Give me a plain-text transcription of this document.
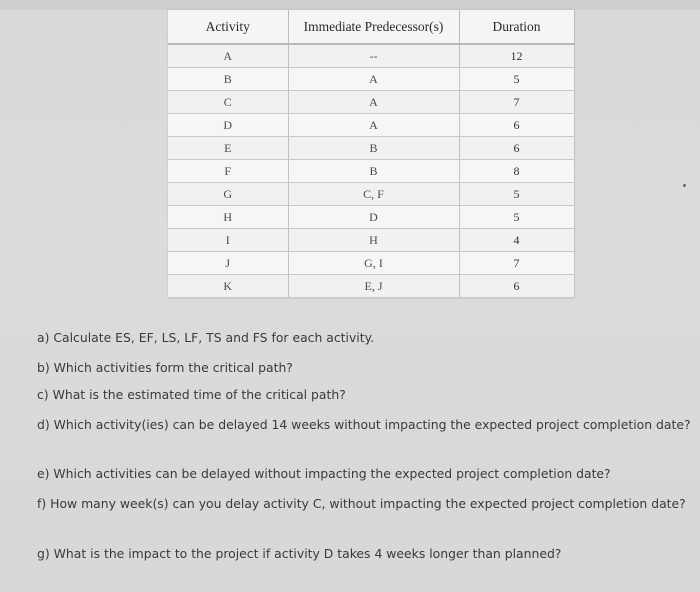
Activity	Immediate Predecessor(s)	Duration
A	--	12
B	A	5
C	A	7
D	A	6
E	B	6
F	B	8
G	C, F	5
H	D	5
I	H	4
J	G, I	7
K	E, J	6
a) Calculate ES, EF, LS, LF, TS and FS for each activity.
b) Which activities form the critical path?
c) What is the estimated time of the critical path?
d) Which activity(ies) can be delayed 14 weeks without impacting the expected project completion date?
e) Which activities can be delayed without impacting the expected project completion date?
f) How many week(s) can you delay activity C, without impacting the expected project completion date?
g) What is the impact to the project if activity D takes 4 weeks longer than planned?
